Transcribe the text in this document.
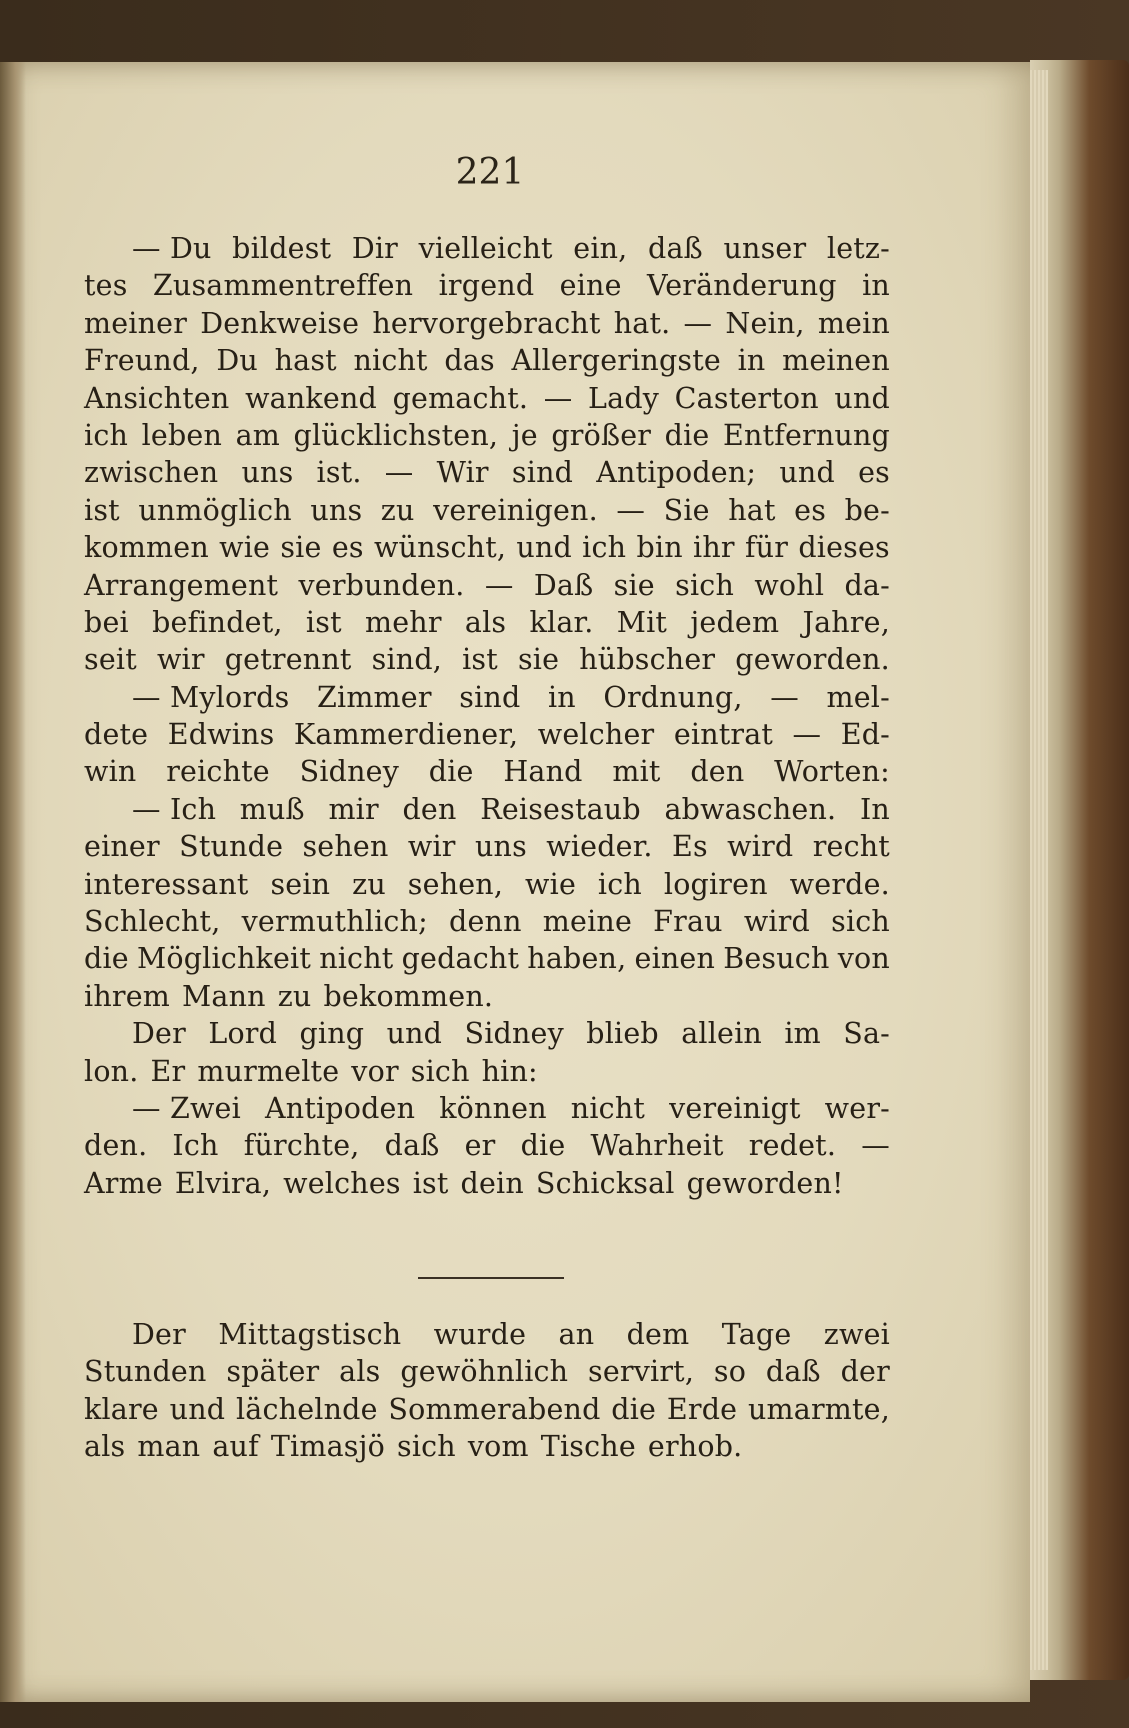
221
— Du bildest Dir vielleicht ein, daß unser letz-
tes Zusammentreffen irgend eine Veränderung in
meiner Denkweise hervorgebracht hat. — Nein, mein
Freund, Du hast nicht das Allergeringste in meinen
Ansichten wankend gemacht. — Lady Casterton und
ich leben am glücklichsten, je größer die Entfernung
zwischen uns ist. — Wir sind Antipoden; und es
ist unmöglich uns zu vereinigen. — Sie hat es be-
kommen wie sie es wünscht, und ich bin ihr für dieses
Arrangement verbunden. — Daß sie sich wohl da-
bei befindet, ist mehr als klar. Mit jedem Jahre,
seit wir getrennt sind, ist sie hübscher geworden.
— Mylords Zimmer sind in Ordnung, — mel-
dete Edwins Kammerdiener, welcher eintrat — Ed-
win reichte Sidney die Hand mit den Worten:
— Ich muß mir den Reisestaub abwaschen. In
einer Stunde sehen wir uns wieder. Es wird recht
interessant sein zu sehen, wie ich logiren werde.
Schlecht, vermuthlich; denn meine Frau wird sich
die Möglichkeit nicht gedacht haben, einen Besuch von
ihrem Mann zu bekommen.
Der Lord ging und Sidney blieb allein im Sa-
lon. Er murmelte vor sich hin:
— Zwei Antipoden können nicht vereinigt wer-
den. Ich fürchte, daß er die Wahrheit redet. —
Arme Elvira, welches ist dein Schicksal geworden!
Der Mittagstisch wurde an dem Tage zwei
Stunden später als gewöhnlich servirt, so daß der
klare und lächelnde Sommerabend die Erde umarmte,
als man auf Timasjö sich vom Tische erhob.
